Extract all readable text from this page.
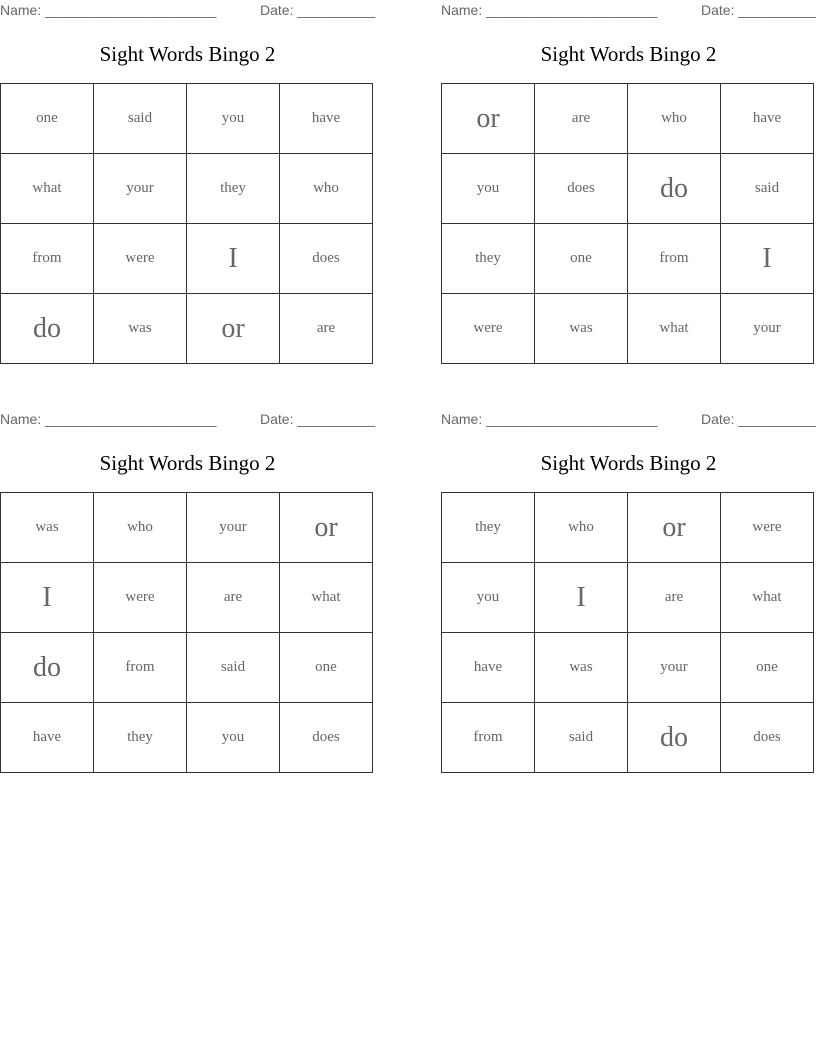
Name: ______________________	Date: __________
Sight Words Bingo 2
one	said	you	have
what	your	they	who
from	were	I	does
do	was	or	are
Name: ______________________	Date: __________
Sight Words Bingo 2
or	are	who	have
you	does	do	said
they	one	from	I
were	was	what	your
Name: ______________________	Date: __________
Sight Words Bingo 2
was	who	your	or
I	were	are	what
do	from	said	one
have	they	you	does
Name: ______________________	Date: __________
Sight Words Bingo 2
they	who	or	were
you	I	are	what
have	was	your	one
from	said	do	does
